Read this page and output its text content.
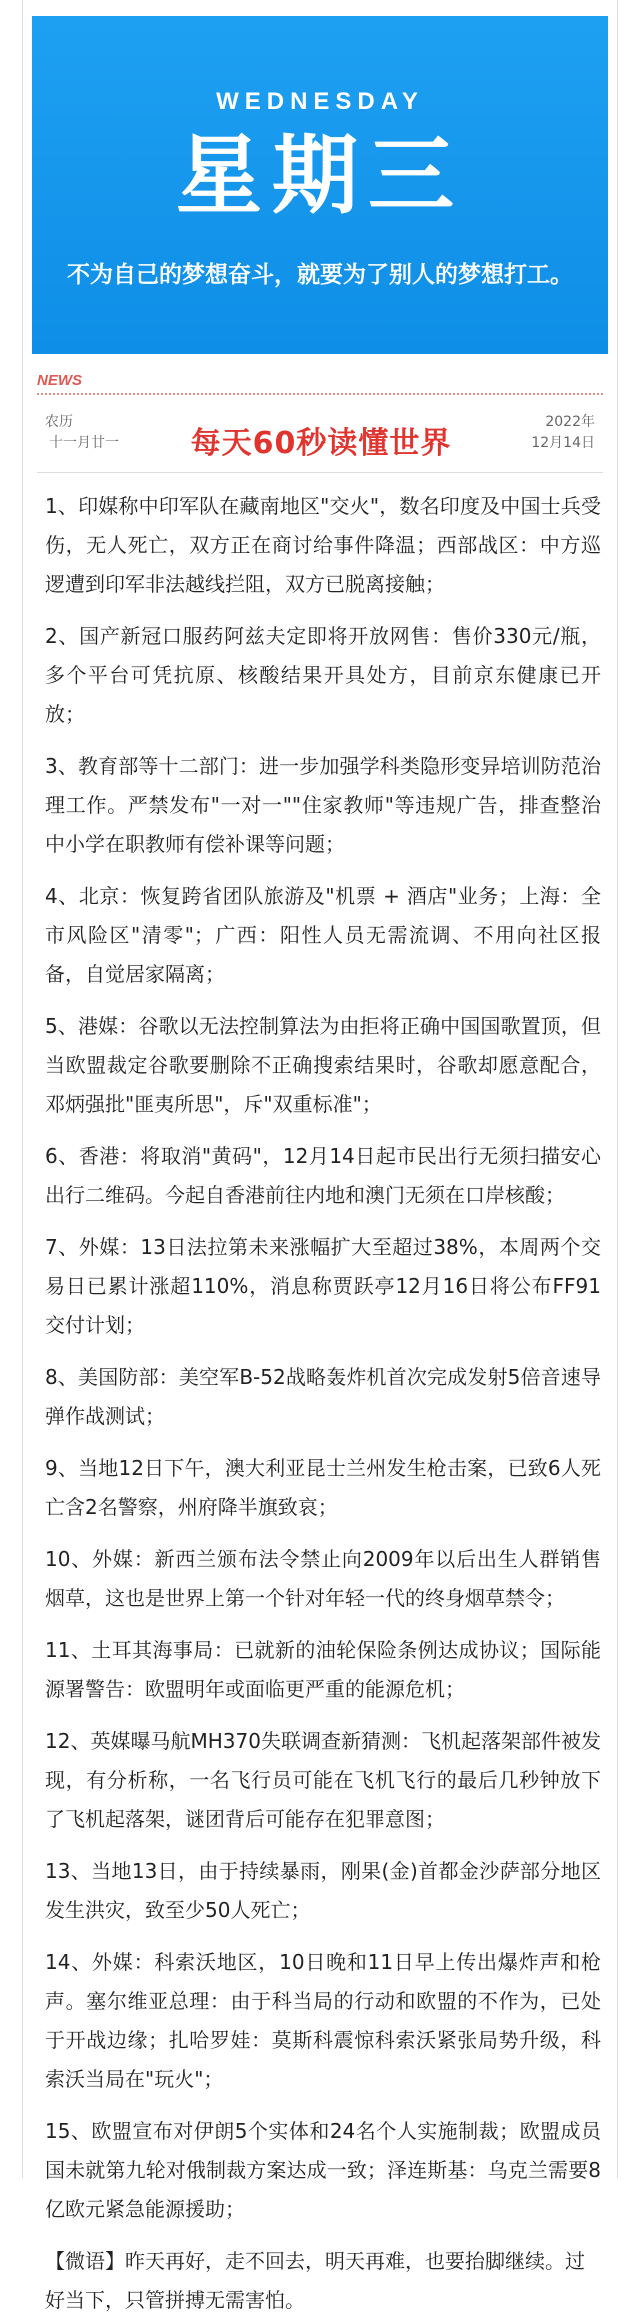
WEDNESDAY
星期三
不为自己的梦想奋斗，就要为了别人的梦想打工。
NEWS
农历
十一月廿一	每天60秒读懂世界
2022年
12月14日
1、印媒称中印军队在藏南地区"交火"，数名印度及中国士兵受伤，无人死亡，双方正在商讨给事件降温；西部战区：中方巡逻遭到印军非法越线拦阻，双方已脱离接触；
2、国产新冠口服药阿兹夫定即将开放网售：售价330元/瓶，多个平台可凭抗原、核酸结果开具处方，目前京东健康已开放；
3、教育部等十二部门：进一步加强学科类隐形变异培训防范治理工作。严禁发布"一对一""住家教师"等违规广告，排查整治中小学在职教师有偿补课等问题；
4、北京：恢复跨省团队旅游及"机票 + 酒店"业务；上海：全市风险区"清零"；广西：阳性人员无需流调、不用向社区报备，自觉居家隔离；
5、港媒：谷歌以无法控制算法为由拒将正确中国国歌置顶，但当欧盟裁定谷歌要删除不正确搜索结果时，谷歌却愿意配合，邓炳强批"匪夷所思"，斥"双重标准"；
6、香港：将取消"黄码"，12月14日起市民出行无须扫描安心出行二维码。今起自香港前往内地和澳门无须在口岸核酸；
7、外媒：13日法拉第未来涨幅扩大至超过38%，本周两个交易日已累计涨超110%，消息称贾跃亭12月16日将公布FF91交付计划；
8、美国防部：美空军B-52战略轰炸机首次完成发射5倍音速导弹作战测试；
9、当地12日下午，澳大利亚昆士兰州发生枪击案，已致6人死亡含2名警察，州府降半旗致哀；
10、外媒：新西兰颁布法令禁止向2009年以后出生人群销售烟草，这也是世界上第一个针对年轻一代的终身烟草禁令；
11、土耳其海事局：已就新的油轮保险条例达成协议；国际能源署警告：欧盟明年或面临更严重的能源危机；
12、英媒曝马航MH370失联调查新猜测：飞机起落架部件被发现，有分析称，一名飞行员可能在飞机飞行的最后几秒钟放下了飞机起落架，谜团背后可能存在犯罪意图；
13、当地13日，由于持续暴雨，刚果(金)首都金沙萨部分地区发生洪灾，致至少50人死亡；
14、外媒：科索沃地区，10日晚和11日早上传出爆炸声和枪声。塞尔维亚总理：由于科当局的行动和欧盟的不作为，已处于开战边缘；扎哈罗娃：莫斯科震惊科索沃紧张局势升级，科索沃当局在"玩火"；
15、欧盟宣布对伊朗5个实体和24名个人实施制裁；欧盟成员国未就第九轮对俄制裁方案达成一致；泽连斯基：乌克兰需要8亿欧元紧急能源援助；
【微语】昨天再好，走不回去，明天再难，也要抬脚继续。过好当下，只管拼搏无需害怕。
